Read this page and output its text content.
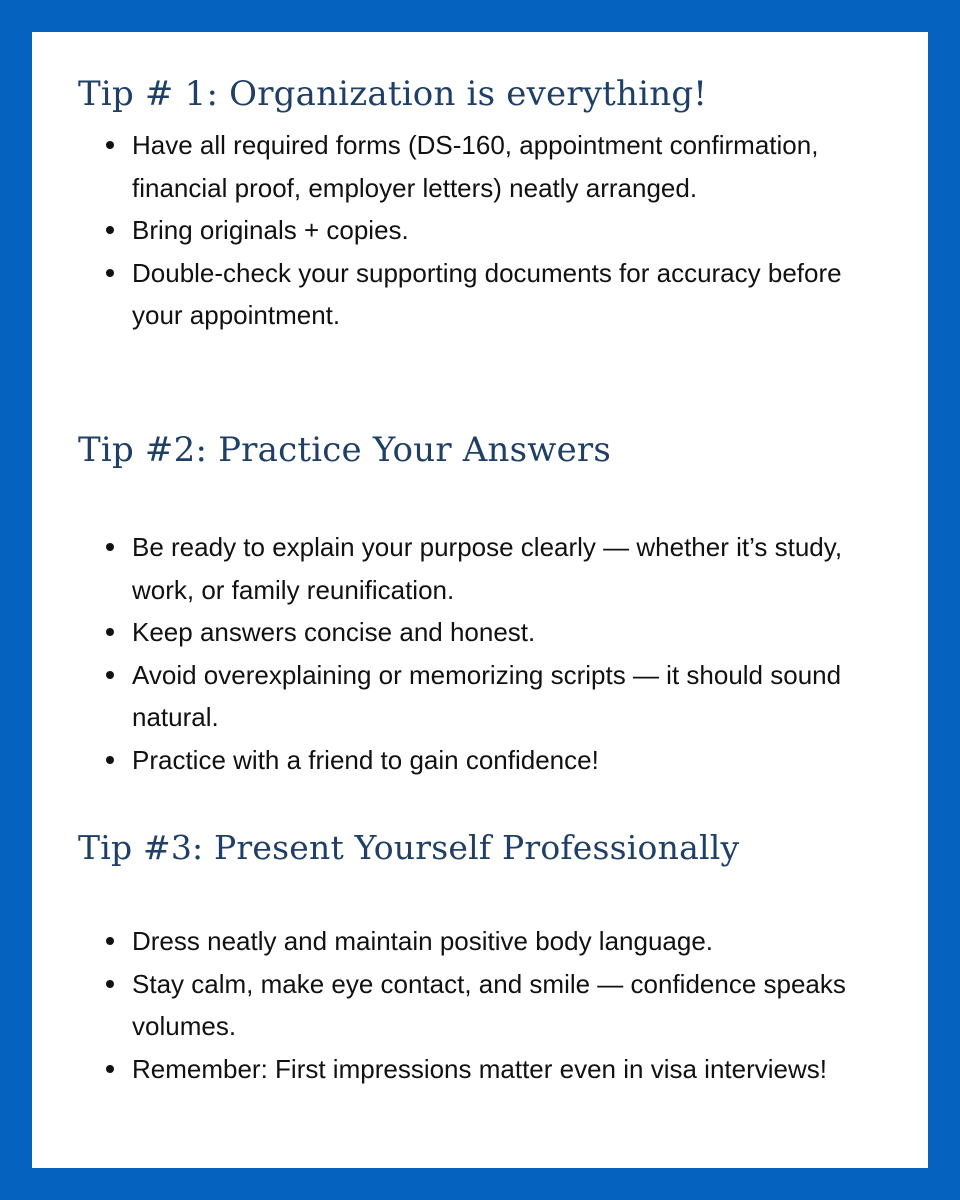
Tip # 1: Organization is everything!
Have all required forms (DS-160, appointment confirmation, financial proof, employer letters) neatly arranged.
Bring originals + copies.
Double-check your supporting documents for accuracy before your appointment.
Tip #2: Practice Your Answers
Be ready to explain your purpose clearly — whether it’s study, work, or family reunification.
Keep answers concise and honest.
Avoid overexplaining or memorizing scripts — it should sound natural.
Practice with a friend to gain confidence!
Tip #3: Present Yourself Professionally
Dress neatly and maintain positive body language.
Stay calm, make eye contact, and smile — confidence speaks volumes.
Remember: First impressions matter even in visa interviews!
